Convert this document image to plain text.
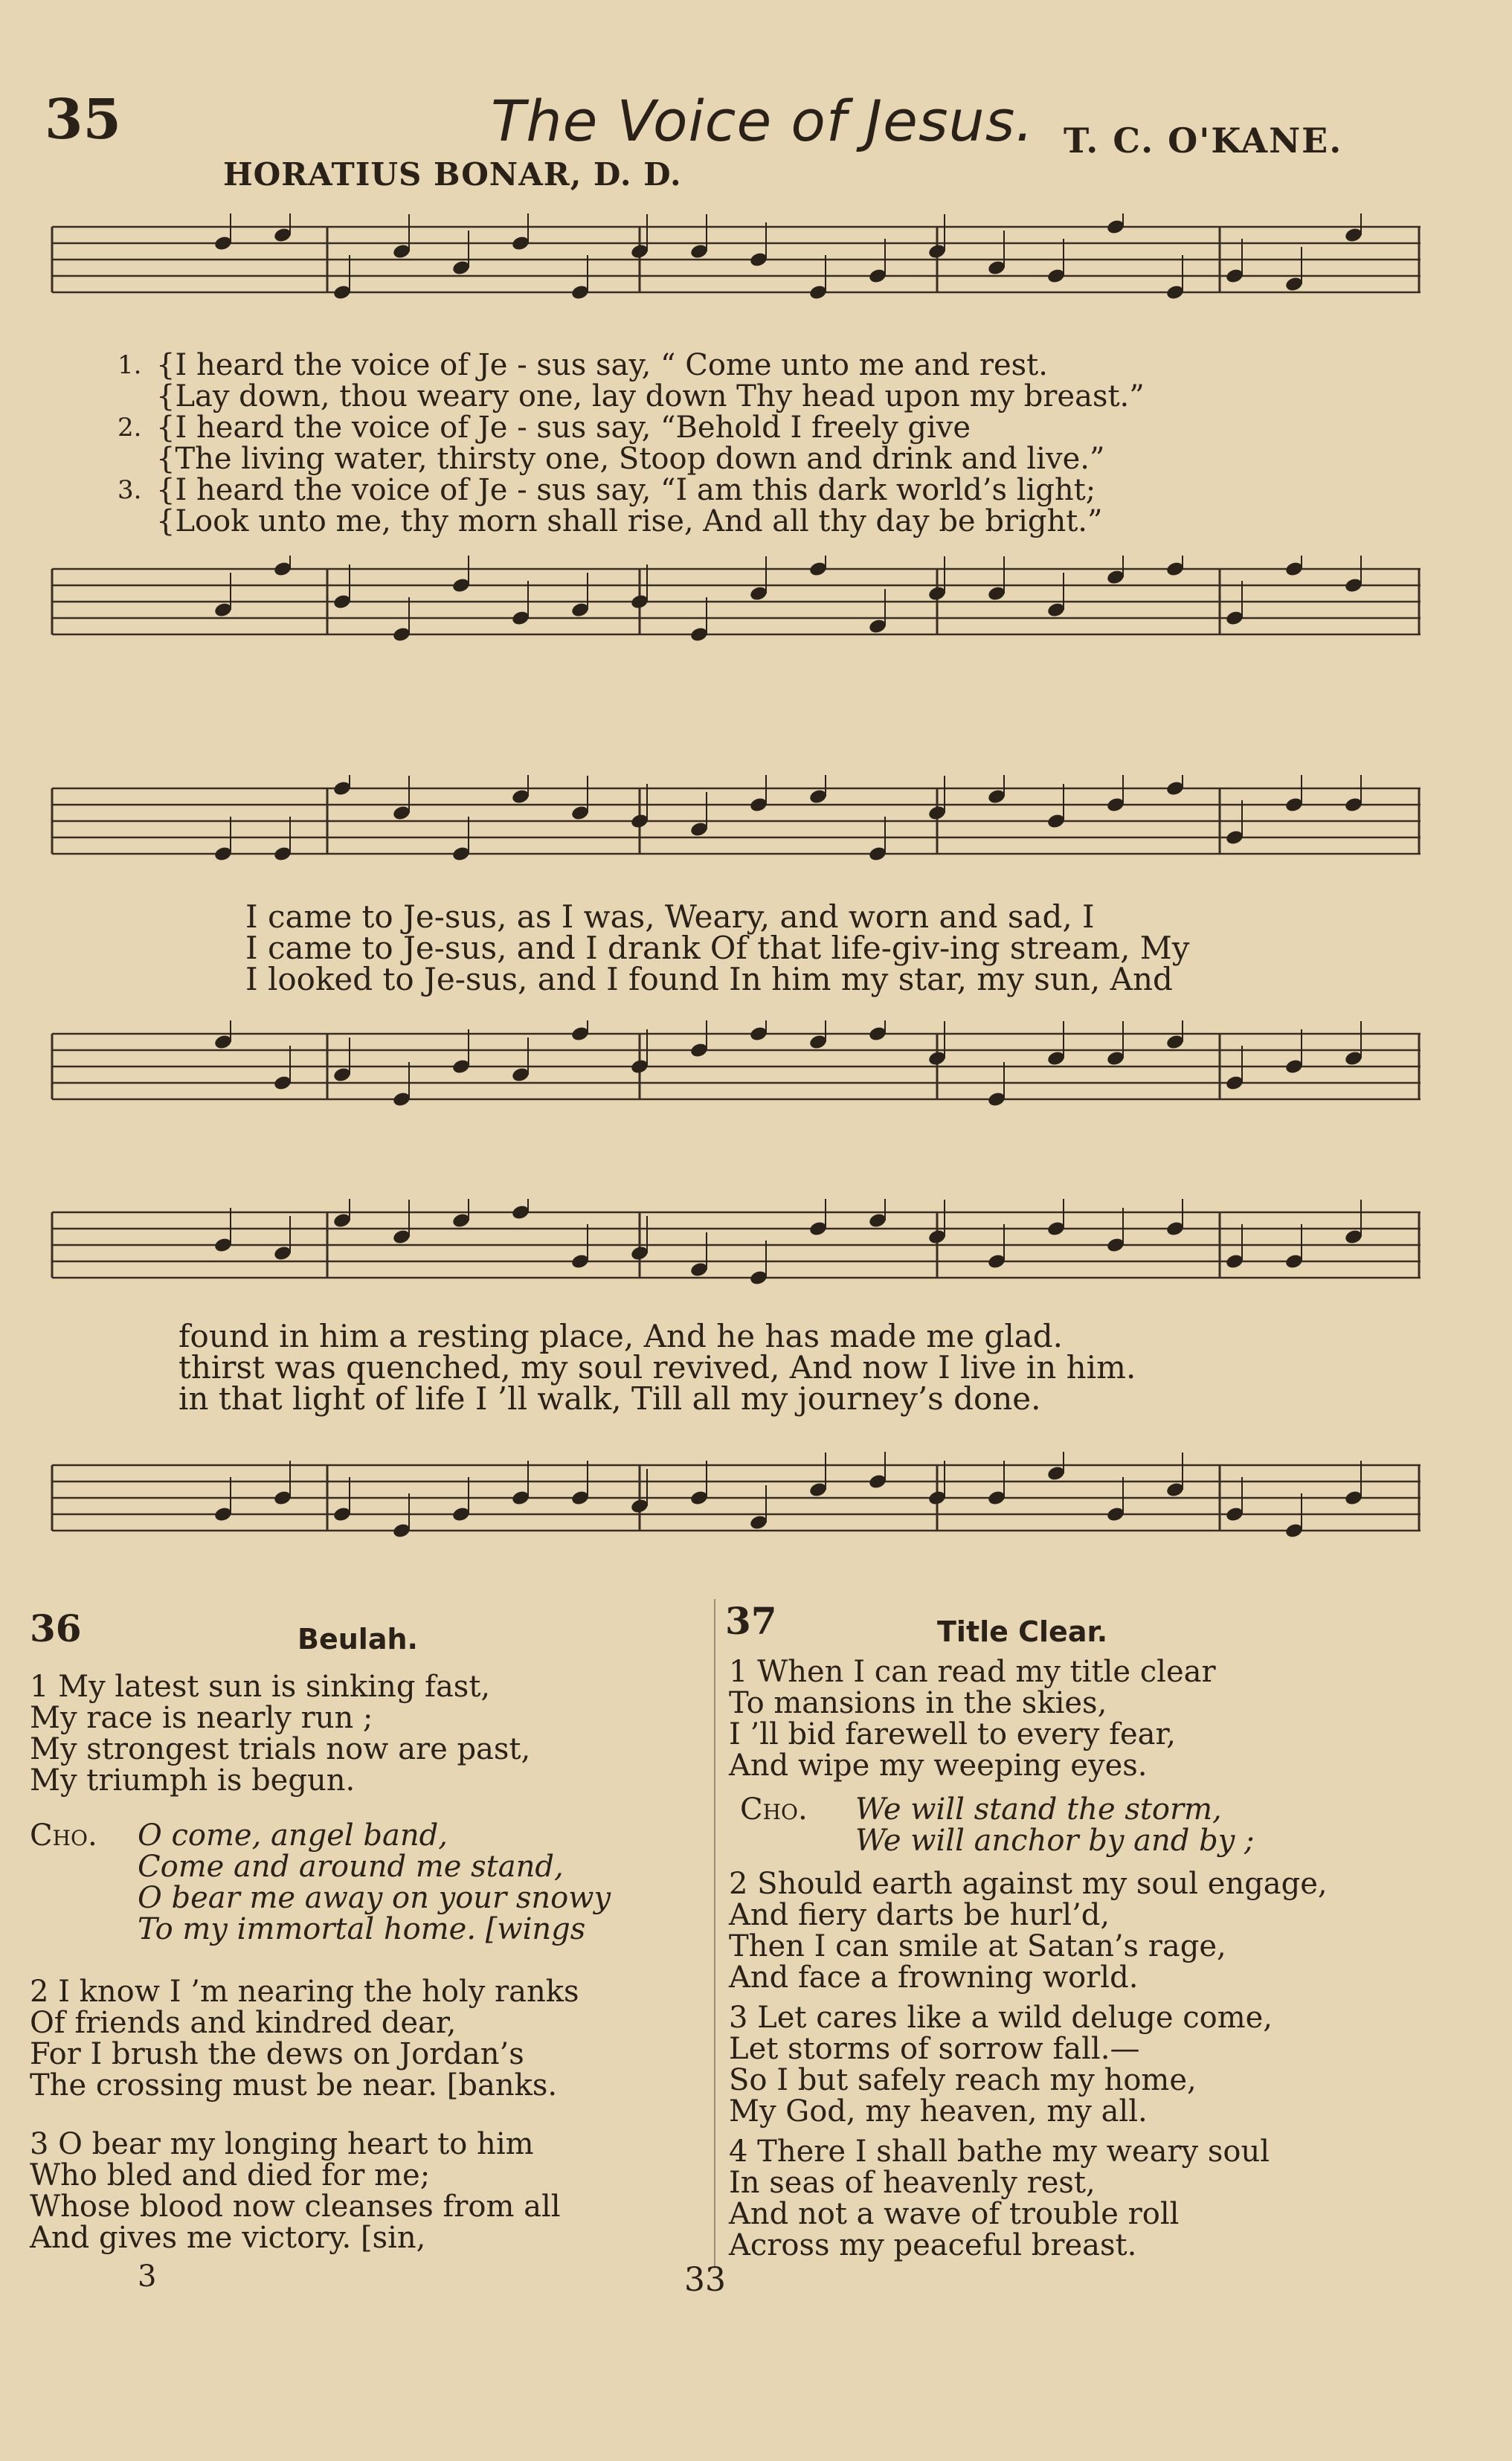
35	The Voice of Jesus. T. C. O'KANE.
HORATIUS BONAR, D. D.
1. {I heard the voice of Je - sus say, “ Come unto me and rest.
{Lay down, thou weary one, lay down Thy head upon my breast.”
2. {I heard the voice of Je - sus say, “Behold I freely give
{The living water, thirsty one, Stoop down and drink and live.”
3. {I heard the voice of Je - sus say, “I am this dark world’s light;
{Look unto me, thy morn shall rise, And all thy day be bright.”
I came to Je-sus, as I was, Weary, and worn and sad, I
I came to Je-sus, and I drank Of that life-giv-ing stream, My
I looked to Je-sus, and I found In him my star, my sun, And
found in him a resting place, And he has made me glad.
thirst was quenched, my soul revived, And now I live in him.
in that light of life I ’ll walk, Till all my journey’s done.
36	Beulah.
1 My latest sun is sinking fast,
My race is nearly run ;
My strongest trials now are past,
My triumph is begun.
Cho. O come, angel band,
Come and around me stand,
O bear me away on your snowy
To my immortal home. [wings
2 I know I ’m nearing the holy ranks
Of friends and kindred dear,
For I brush the dews on Jordan’s
The crossing must be near. [banks.
3 O bear my longing heart to him
Who bled and died for me;
Whose blood now cleanses from all
And gives me victory. [sin,
37	Title Clear.
1 When I can read my title clear
To mansions in the skies,
I ’ll bid farewell to every fear,
And wipe my weeping eyes.
Cho. We will stand the storm,
We will anchor by and by ;
2 Should earth against my soul engage,
And fiery darts be hurl’d,
Then I can smile at Satan’s rage,
And face a frowning world.
3 Let cares like a wild deluge come,
Let storms of sorrow fall.—
So I but safely reach my home,
My God, my heaven, my all.
4 There I shall bathe my weary soul
In seas of heavenly rest,
And not a wave of trouble roll
Across my peaceful breast.
3	33
